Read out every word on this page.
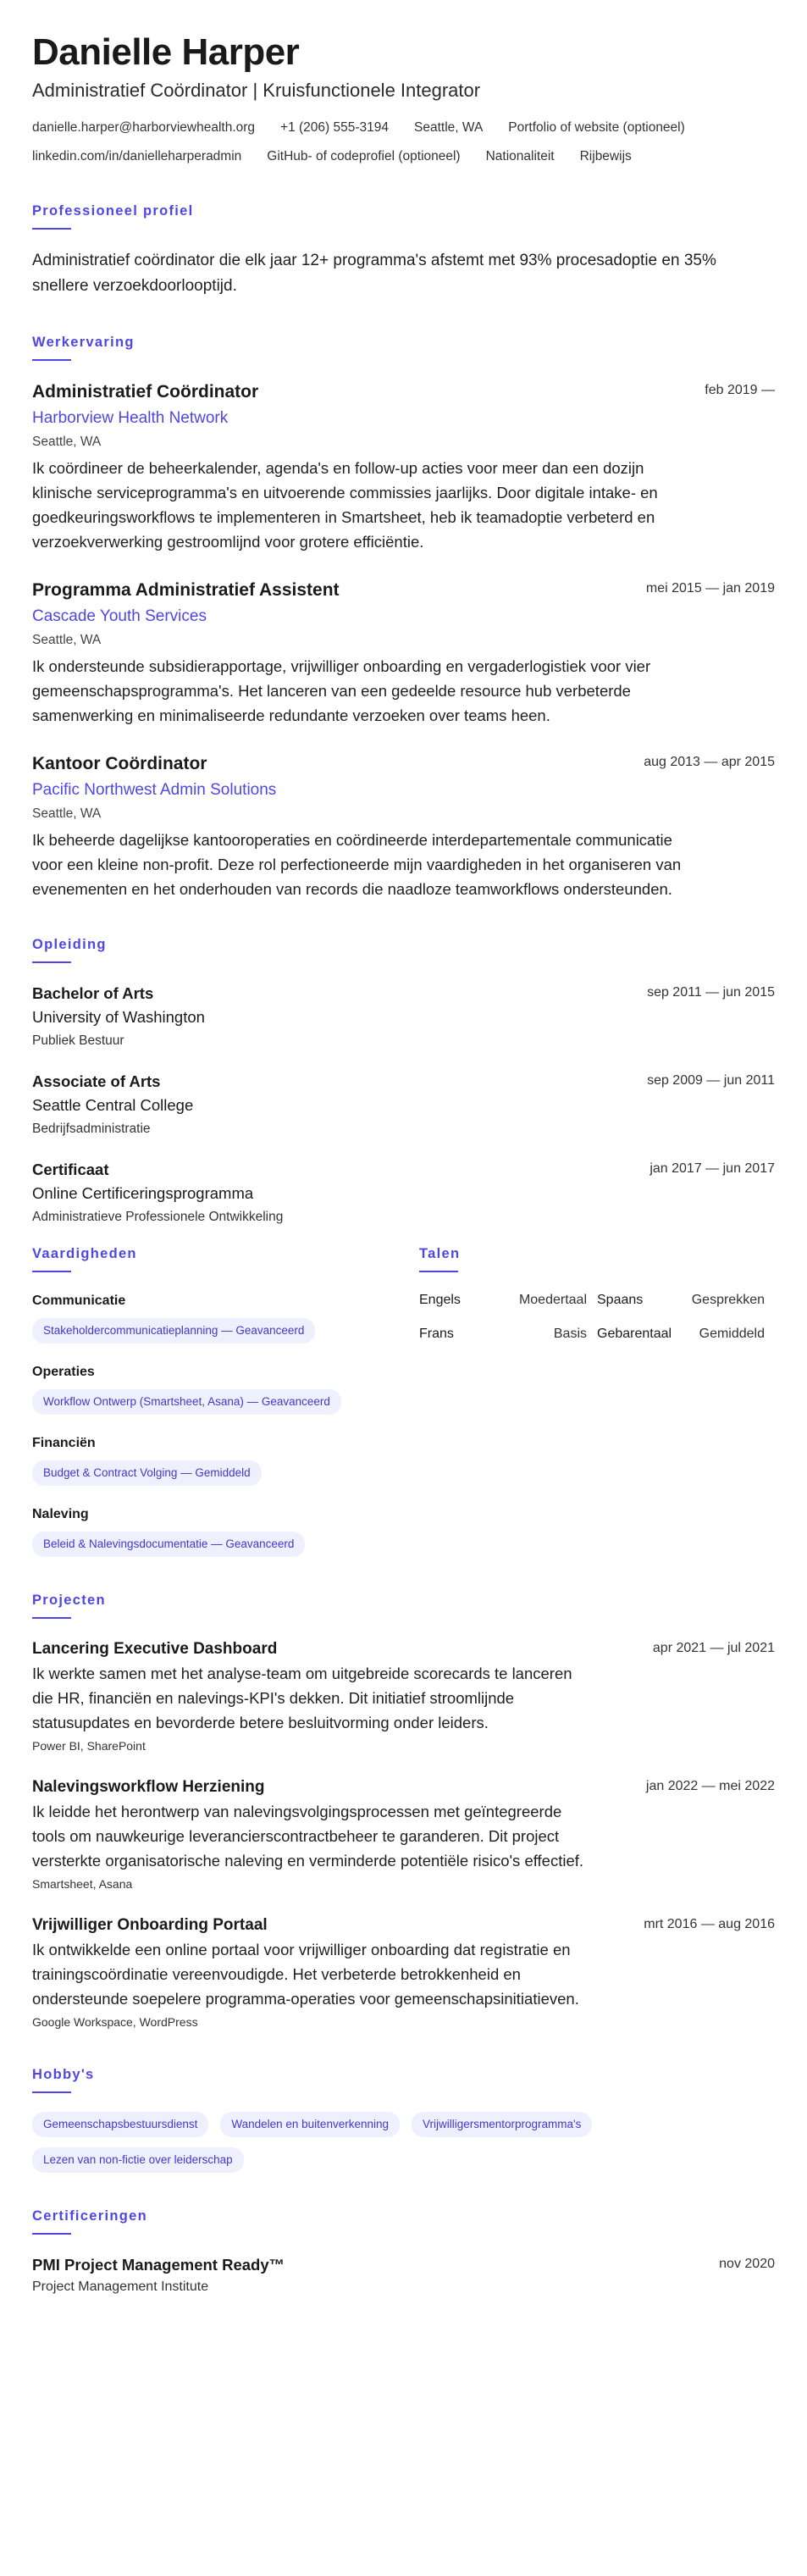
Danielle Harper
Administratief Coördinator | Kruisfunctionele Integrator
danielle.harper@harborviewhealth.org +1 (206) 555-3194 Seattle, WA Portfolio of website (optioneel)
linkedin.com/in/danielleharperadmin GitHub- of codeprofiel (optioneel) Nationaliteit Rijbewijs
Professioneel profiel
Administratief coördinator die elk jaar 12+ programma's afstemt met 93% procesadoptie en 35% snellere verzoekdoorlooptijd.
Werkervaring
Administratief Coördinator	feb 2019 —
Harborview Health Network
Seattle, WA
Ik coördineer de beheerkalender, agenda's en follow-up acties voor meer dan een dozijn klinische serviceprogramma's en uitvoerende commissies jaarlijks. Door digitale intake- en goedkeuringsworkflows te implementeren in Smartsheet, heb ik teamadoptie verbeterd en verzoekverwerking gestroomlijnd voor grotere efficiëntie.
Programma Administratief Assistent	mei 2015 — jan 2019
Cascade Youth Services
Seattle, WA
Ik ondersteunde subsidierapportage, vrijwilliger onboarding en vergaderlogistiek voor vier gemeenschapsprogramma's. Het lanceren van een gedeelde resource hub verbeterde samenwerking en minimaliseerde redundante verzoeken over teams heen.
Kantoor Coördinator	aug 2013 — apr 2015
Pacific Northwest Admin Solutions
Seattle, WA
Ik beheerde dagelijkse kantooroperaties en coördineerde interdepartementale communicatie voor een kleine non-profit. Deze rol perfectioneerde mijn vaardigheden in het organiseren van evenementen en het onderhouden van records die naadloze teamworkflows ondersteunden.
Opleiding
Bachelor of Arts	sep 2011 — jun 2015
University of Washington
Publiek Bestuur
Associate of Arts	sep 2009 — jun 2011
Seattle Central College
Bedrijfsadministratie
Certificaat	jan 2017 — jun 2017
Online Certificeringsprogramma
Administratieve Professionele Ontwikkeling
Vaardigheden
Communicatie
Stakeholdercommunicatieplanning — Geavanceerd
Operaties
Workflow Ontwerp (Smartsheet, Asana) — Geavanceerd
Financiën
Budget & Contract Volging — Gemiddeld
Naleving
Beleid & Nalevingsdocumentatie — Geavanceerd
Talen
Engels	Moedertaal Spaans	Gesprekken
Frans	Basis Gebarentaal	Gemiddeld
Projecten
Lancering Executive Dashboard	apr 2021 — jul 2021
Ik werkte samen met het analyse-team om uitgebreide scorecards te lanceren die HR, financiën en nalevings-KPI's dekken. Dit initiatief stroomlijnde statusupdates en bevorderde betere besluitvorming onder leiders.
Power BI, SharePoint
Nalevingsworkflow Herziening	jan 2022 — mei 2022
Ik leidde het herontwerp van nalevingsvolgingsprocessen met geïntegreerde tools om nauwkeurige leverancierscontractbeheer te garanderen. Dit project versterkte organisatorische naleving en verminderde potentiële risico's effectief.
Smartsheet, Asana
Vrijwilliger Onboarding Portaal	mrt 2016 — aug 2016
Ik ontwikkelde een online portaal voor vrijwilliger onboarding dat registratie en trainingscoördinatie vereenvoudigde. Het verbeterde betrokkenheid en ondersteunde soepelere programma-operaties voor gemeenschapsinitiatieven.
Google Workspace, WordPress
Hobby's
Gemeenschapsbestuursdienst	Wandelen en buitenverkenning	Vrijwilligersmentorprogramma's
Lezen van non-fictie over leiderschap
Certificeringen
PMI Project Management Ready™	nov 2020
Project Management Institute
